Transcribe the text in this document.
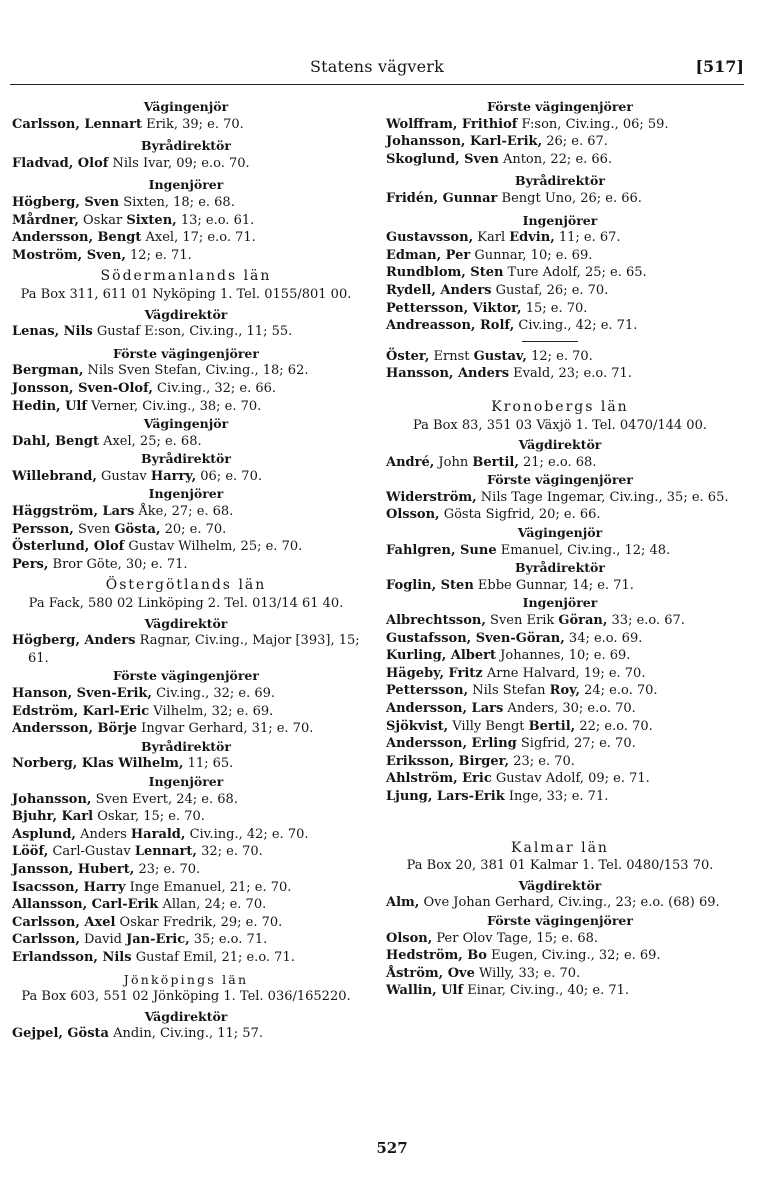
Statens vägverk	[517]
Vägingenjör
Carlsson, Lennart Erik, 39; e. 70.
Byrådirektör
Fladvad, Olof Nils Ivar, 09; e.o. 70.
Ingenjörer
Högberg, Sven Sixten, 18; e. 68.
Mårdner, Oskar Sixten, 13; e.o. 61.
Andersson, Bengt Axel, 17; e.o. 71.
Moström, Sven, 12; e. 71.
Södermanlands län
Pa Box 311, 611 01 Nyköping 1. Tel. 0155/801 00.
Vägdirektör
Lenas, Nils Gustaf E:son, Civ.ing., 11; 55.
Förste vägingenjörer
Bergman, Nils Sven Stefan, Civ.ing., 18; 62.
Jonsson, Sven-Olof, Civ.ing., 32; e. 66.
Hedin, Ulf Verner, Civ.ing., 38; e. 70.
Vägingenjör
Dahl, Bengt Axel, 25; e. 68.
Byrådirektör
Willebrand, Gustav Harry, 06; e. 70.
Ingenjörer
Häggström, Lars Åke, 27; e. 68.
Persson, Sven Gösta, 20; e. 70.
Österlund, Olof Gustav Wilhelm, 25; e. 70.
Pers, Bror Göte, 30; e. 71.
Östergötlands län
Pa Fack, 580 02 Linköping 2. Tel. 013/14 61 40.
Vägdirektör
Högberg, Anders Ragnar, Civ.ing., Major [393], 15; 61.
Förste vägingenjörer
Hanson, Sven-Erik, Civ.ing., 32; e. 69.
Edström, Karl-Eric Vilhelm, 32; e. 69.
Andersson, Börje Ingvar Gerhard, 31; e. 70.
Byrådirektör
Norberg, Klas Wilhelm, 11; 65.
Ingenjörer
Johansson, Sven Evert, 24; e. 68.
Bjuhr, Karl Oskar, 15; e. 70.
Asplund, Anders Harald, Civ.ing., 42; e. 70.
Lööf, Carl-Gustav Lennart, 32; e. 70.
Jansson, Hubert, 23; e. 70.
Isacsson, Harry Inge Emanuel, 21; e. 70.
Allansson, Carl-Erik Allan, 24; e. 70.
Carlsson, Axel Oskar Fredrik, 29; e. 70.
Carlsson, David Jan-Eric, 35; e.o. 71.
Erlandsson, Nils Gustaf Emil, 21; e.o. 71.
Jönköpings län
Pa Box 603, 551 02 Jönköping 1. Tel. 036/165220.
Vägdirektör
Gejpel, Gösta Andin, Civ.ing., 11; 57.
Förste vägingenjörer
Wolffram, Frithiof F:son, Civ.ing., 06; 59.
Johansson, Karl-Erik, 26; e. 67.
Skoglund, Sven Anton, 22; e. 66.
Byrådirektör
Fridén, Gunnar Bengt Uno, 26; e. 66.
Ingenjörer
Gustavsson, Karl Edvin, 11; e. 67.
Edman, Per Gunnar, 10; e. 69.
Rundblom, Sten Ture Adolf, 25; e. 65.
Rydell, Anders Gustaf, 26; e. 70.
Pettersson, Viktor, 15; e. 70.
Andreasson, Rolf, Civ.ing., 42; e. 71.
Öster, Ernst Gustav, 12; e. 70.
Hansson, Anders Evald, 23; e.o. 71.
Kronobergs län
Pa Box 83, 351 03 Växjö 1. Tel. 0470/144 00.
Vägdirektör
André, John Bertil, 21; e.o. 68.
Förste vägingenjörer
Widerström, Nils Tage Ingemar, Civ.ing., 35; e. 65.
Olsson, Gösta Sigfrid, 20; e. 66.
Vägingenjör
Fahlgren, Sune Emanuel, Civ.ing., 12; 48.
Byrådirektör
Foglin, Sten Ebbe Gunnar, 14; e. 71.
Ingenjörer
Albrechtsson, Sven Erik Göran, 33; e.o. 67.
Gustafsson, Sven-Göran, 34; e.o. 69.
Kurling, Albert Johannes, 10; e. 69.
Hägeby, Fritz Arne Halvard, 19; e. 70.
Pettersson, Nils Stefan Roy, 24; e.o. 70.
Andersson, Lars Anders, 30; e.o. 70.
Sjökvist, Villy Bengt Bertil, 22; e.o. 70.
Andersson, Erling Sigfrid, 27; e. 70.
Eriksson, Birger, 23; e. 70.
Ahlström, Eric Gustav Adolf, 09; e. 71.
Ljung, Lars-Erik Inge, 33; e. 71.
Kalmar län
Pa Box 20, 381 01 Kalmar 1. Tel. 0480/153 70.
Vägdirektör
Alm, Ove Johan Gerhard, Civ.ing., 23; e.o. (68) 69.
Förste vägingenjörer
Olson, Per Olov Tage, 15; e. 68.
Hedström, Bo Eugen, Civ.ing., 32; e. 69.
Åström, Ove Willy, 33; e. 70.
Wallin, Ulf Einar, Civ.ing., 40; e. 71.
527
